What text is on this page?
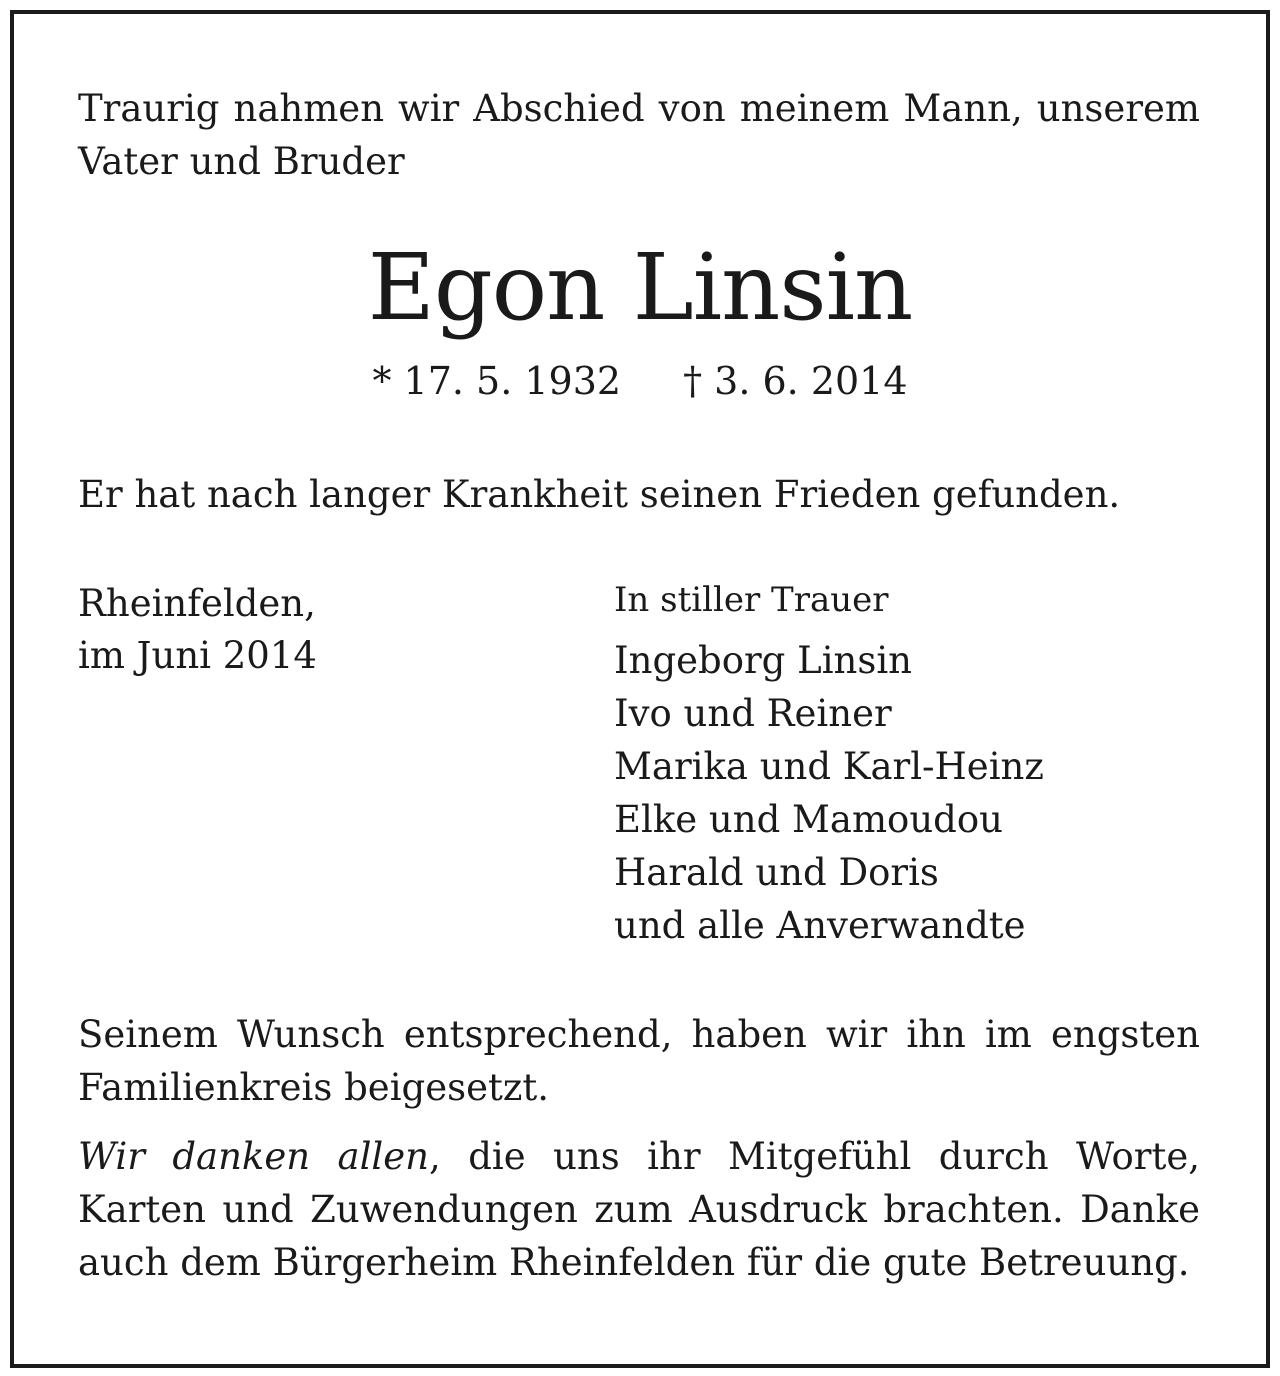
Traurig nahmen wir Abschied von meinem Mann, unserem Vater und Bruder

Egon Linsin
* 17. 5. 1932 † 3. 6. 2014

Er hat nach langer Krankheit seinen Frieden gefunden.

Rheinfelden,
im Juni 2014

In stiller Trauer

Ingeborg Linsin
Ivo und Reiner
Marika und Karl-Heinz
Elke und Mamoudou
Harald und Doris
und alle Anverwandte

Seinem Wunsch entsprechend, haben wir ihn im engsten Familienkreis beigesetzt.

Wir danken allen, die uns ihr Mitgefühl durch Worte, Karten und Zuwendungen zum Ausdruck brachten. Danke auch dem Bürgerheim Rheinfelden für die gute Betreuung.
